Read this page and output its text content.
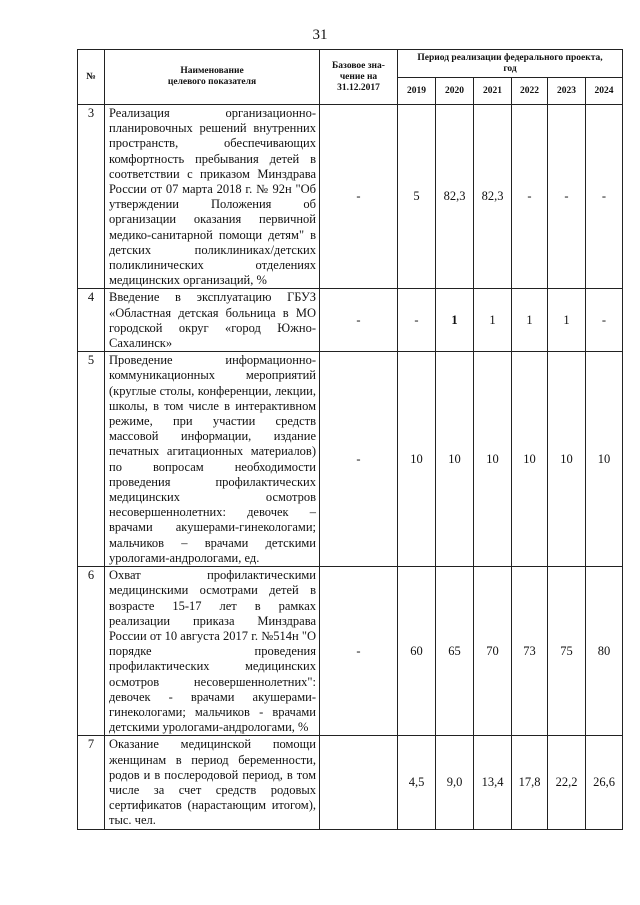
31
№	Наименование
целевого показателя	Базовое зна-
чение на
31.12.2017	Период реализации федерального проекта,
год					
			2019	2020	2021	2022	2023	2024
3	Реализация организационно-планировочных решений внутренних пространств, обеспечивающих комфортность пребывания детей в соответствии с приказом Минздрава России от 07 марта 2018 г. № 92н "Об утверждении Положения об организации оказания первичной медико-санитарной помощи детям" в детских поликлиниках/детских поликлинических отделениях медицинских организаций, %	-	5	82,3	82,3	-	-	-
4	Введение в эксплуатацию ГБУЗ «Областная детская больница в МО городской округ «город Южно-Сахалинск»	-	-	1	1	1	1	-
5	Проведение информационно-коммуникационных мероприятий (круглые столы, конференции, лекции, школы, в том числе в интерактивном режиме, при участии средств массовой информации, издание печатных агитационных материалов) по вопросам необходимости проведения профилактических медицинских осмотров несовершеннолетних: девочек – врачами акушерами-гинекологами; мальчиков – врачами детскими урологами-андрологами, ед.	-	10	10	10	10	10	10
6	Охват профилактическими медицинскими осмотрами детей в возрасте 15-17 лет в рамках реализации приказа Минздрава России от 10 августа 2017 г. №514н "О порядке проведения профилактических медицинских осмотров несовершеннолетних": девочек - врачами акушерами-гинекологами; мальчиков - врачами детскими урологами-андрологами, %	-	60	65	70	73	75	80
7	Оказание медицинской помощи женщинам в период беременности, родов и в послеродовой период, в том числе за счет средств родовых сертификатов (нарастающим итогом), тыс. чел.		4,5	9,0	13,4	17,8	22,2	26,6
